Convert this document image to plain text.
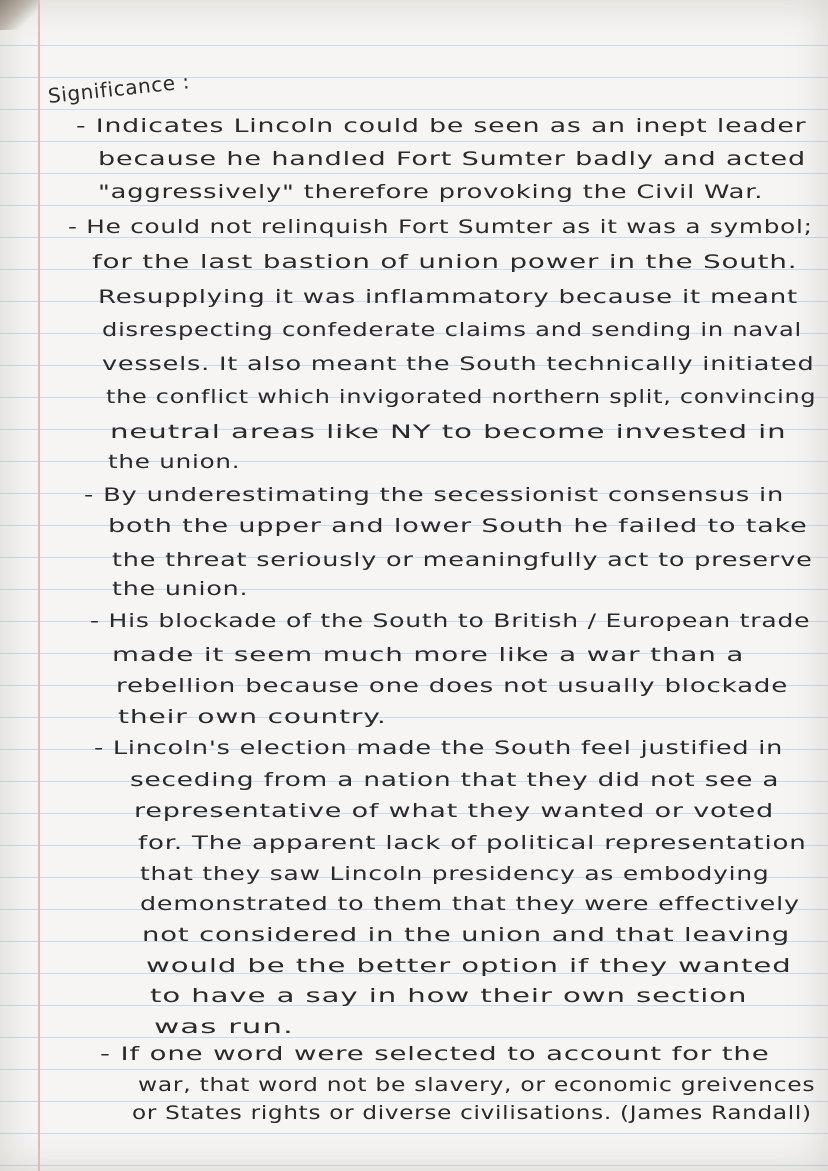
Significance :
- Indicates Lincoln could be seen as an inept leader
because he handled Fort Sumter badly and acted
"aggressively" therefore provoking the Civil War.
- He could not relinquish Fort Sumter as it was a symbol;
for the last bastion of union power in the South.
Resupplying it was inflammatory because it meant
disrespecting confederate claims and sending in naval
vessels. It also meant the South technically initiated
the conflict which invigorated northern split, convincing
neutral areas like NY to become invested in
the union.
- By underestimating the secessionist consensus in
both the upper and lower South he failed to take
the threat seriously or meaningfully act to preserve
the union.
- His blockade of the South to British / European trade
made it seem much more like a war than a
rebellion because one does not usually blockade
their own country.
- Lincoln's election made the South feel justified in
seceding from a nation that they did not see a
representative of what they wanted or voted
for. The apparent lack of political representation
that they saw Lincoln presidency as embodying
demonstrated to them that they were effectively
not considered in the union and that leaving
would be the better option if they wanted
to have a say in how their own section
was run.
- If one word were selected to account for the
war, that word not be slavery, or economic greivences
or States rights or diverse civilisations. (James Randall)
